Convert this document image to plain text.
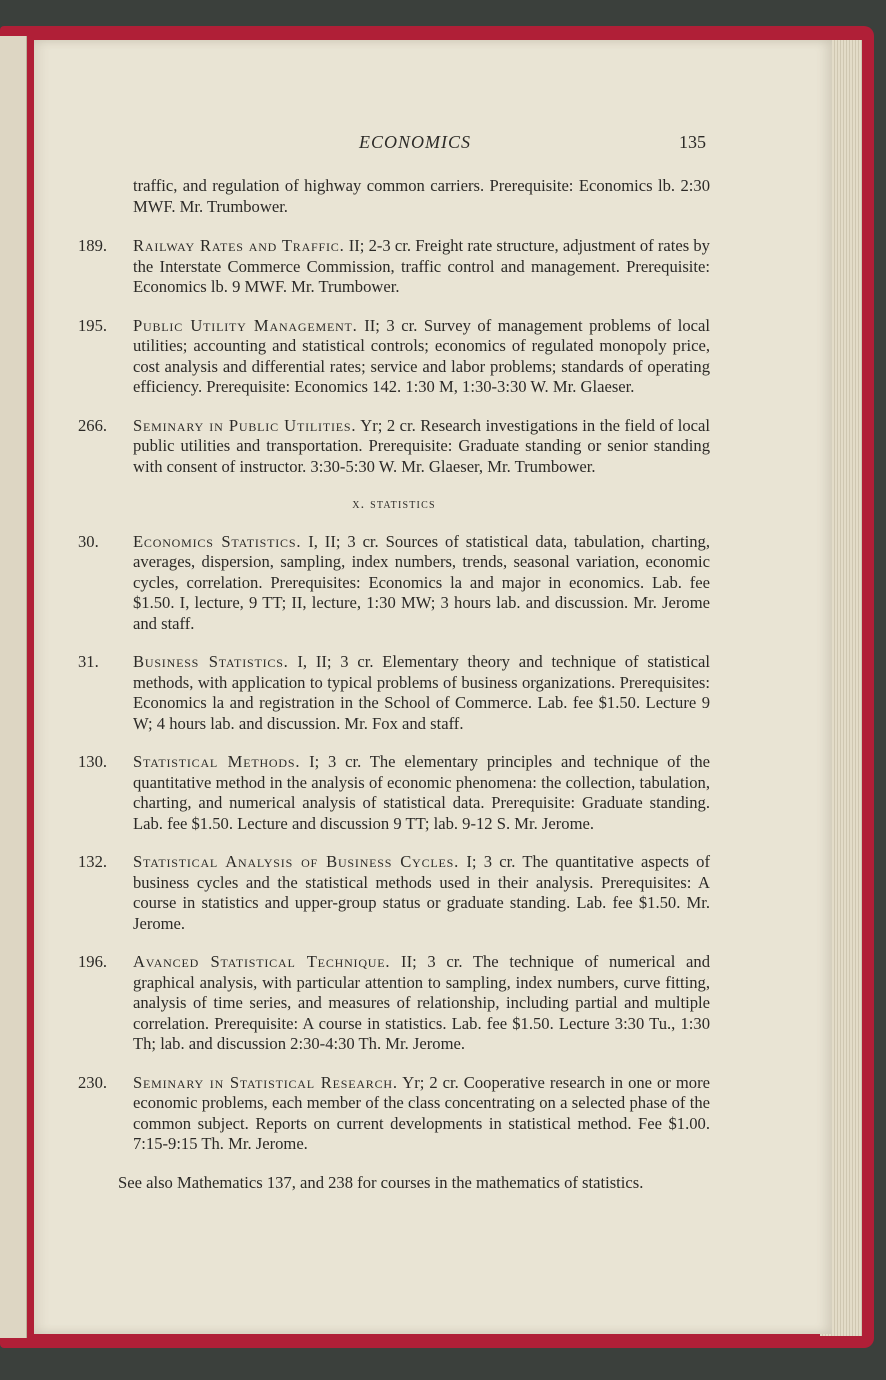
ECONOMICS	135

traffic, and regulation of highway common carriers. Prerequisite: Economics lb. 2:30 MWF. Mr. Trumbower.

189.	Railway Rates and Traffic. II; 2-3 cr. Freight rate structure, adjustment of rates by the Interstate Commerce Commission, traffic control and management. Prerequisite: Economics lb. 9 MWF. Mr. Trumbower.

195.	Public Utility Management. II; 3 cr. Survey of management problems of local utilities; accounting and statistical controls; economics of regulated monopoly price, cost analysis and differential rates; service and labor problems; standards of operating efficiency. Prerequisite: Economics 142. 1:30 M, 1:30-3:30 W. Mr. Glaeser.

266.	Seminary in Public Utilities. Yr; 2 cr. Research investigations in the field of local public utilities and transportation. Prerequisite: Graduate standing or senior standing with consent of instructor. 3:30-5:30 W. Mr. Glaeser, Mr. Trumbower.

x. statistics

30.	Economics Statistics. I, II; 3 cr. Sources of statistical data, tabulation, charting, averages, dispersion, sampling, index numbers, trends, seasonal variation, economic cycles, correlation. Prerequisites: Economics la and major in economics. Lab. fee $1.50. I, lecture, 9 TT; II, lecture, 1:30 MW; 3 hours lab. and discussion. Mr. Jerome and staff.

31.	Business Statistics. I, II; 3 cr. Elementary theory and technique of statistical methods, with application to typical problems of business organizations. Prerequisites: Economics la and registration in the School of Commerce. Lab. fee $1.50. Lecture 9 W; 4 hours lab. and discussion. Mr. Fox and staff.

130.	Statistical Methods. I; 3 cr. The elementary principles and technique of the quantitative method in the analysis of economic phenomena: the collection, tabulation, charting, and numerical analysis of statistical data. Prerequisite: Graduate standing. Lab. fee $1.50. Lecture and discussion 9 TT; lab. 9-12 S. Mr. Jerome.

132.	Statistical Analysis of Business Cycles. I; 3 cr. The quantitative aspects of business cycles and the statistical methods used in their analysis. Prerequisites: A course in statistics and upper-group status or graduate standing. Lab. fee $1.50. Mr. Jerome.

196.	Avanced Statistical Technique. II; 3 cr. The technique of numerical and graphical analysis, with particular attention to sampling, index numbers, curve fitting, analysis of time series, and measures of relationship, including partial and multiple correlation. Prerequisite: A course in statistics. Lab. fee $1.50. Lecture 3:30 Tu., 1:30 Th; lab. and discussion 2:30-4:30 Th. Mr. Jerome.

230.	Seminary in Statistical Research. Yr; 2 cr. Cooperative research in one or more economic problems, each member of the class concentrating on a selected phase of the common subject. Reports on current developments in statistical method. Fee $1.00. 7:15-9:15 Th. Mr. Jerome.

See also Mathematics 137, and 238 for courses in the mathematics of statistics.
